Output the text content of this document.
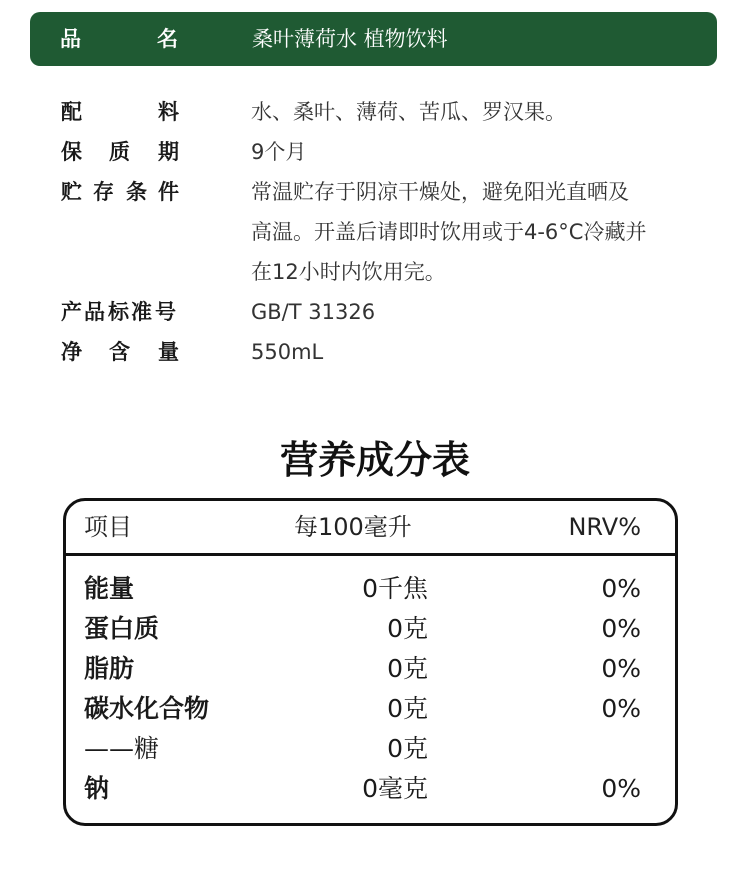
品	名	桑叶薄荷水 植物饮料
配	料	水、桑叶、薄荷、苦瓜、罗汉果。
保 质 期	9个月
贮 存 条 件	常温贮存于阴凉干燥处，避免阳光直晒及
高温。开盖后请即时饮用或于4-6°C冷藏并
在12小时内饮用完。
产 品 标 准 号	GB/T 31326
净 含 量	550mL
营养成分表
项目	每100毫升	NRV%
能量	0千焦	0%
蛋白质	0克	0%
脂肪	0克	0%
碳水化合物	0克	0%
——糖	0克
钠	0毫克	0%
